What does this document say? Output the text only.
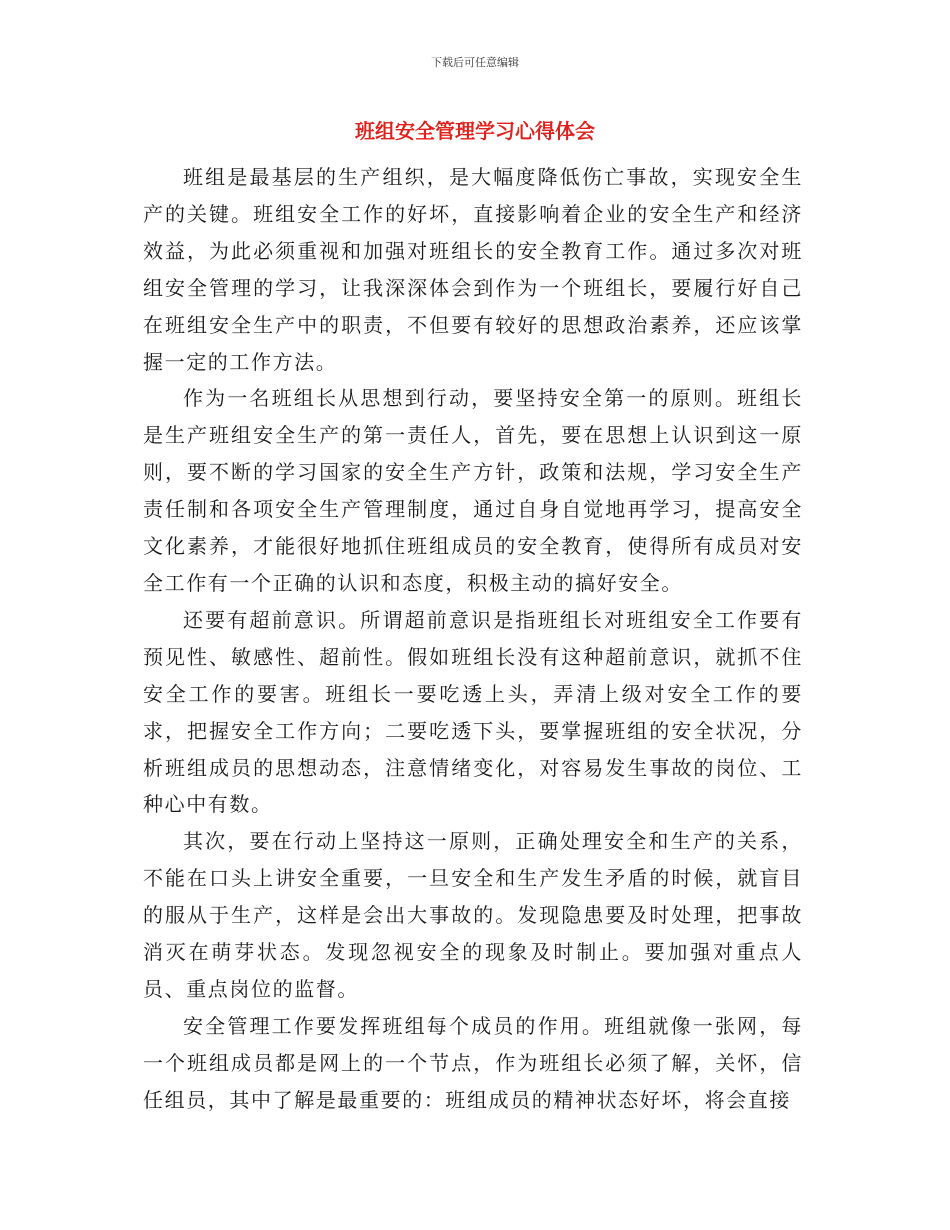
下载后可任意编辑
班组安全管理学习心得体会

班组是最基层的生产组织，是大幅度降低伤亡事故，实现安全生产的关键。班组安全工作的好坏，直接影响着企业的安全生产和经济效益，为此必须重视和加强对班组长的安全教育工作。通过多次对班组安全管理的学习，让我深深体会到作为一个班组长，要履行好自己在班组安全生产中的职责，不但要有较好的思想政治素养，还应该掌握一定的工作方法。

作为一名班组长从思想到行动，要坚持安全第一的原则。班组长是生产班组安全生产的第一责任人，首先，要在思想上认识到这一原则，要不断的学习国家的安全生产方针，政策和法规，学习安全生产责任制和各项安全生产管理制度，通过自身自觉地再学习，提高安全文化素养，才能很好地抓住班组成员的安全教育，使得所有成员对安全工作有一个正确的认识和态度，积极主动的搞好安全。

还要有超前意识。所谓超前意识是指班组长对班组安全工作要有预见性、敏感性、超前性。假如班组长没有这种超前意识，就抓不住安全工作的要害。班组长一要吃透上头，弄清上级对安全工作的要求，把握安全工作方向；二要吃透下头，要掌握班组的安全状况，分析班组成员的思想动态，注意情绪变化，对容易发生事故的岗位、工种心中有数。

其次，要在行动上坚持这一原则，正确处理安全和生产的关系，不能在口头上讲安全重要，一旦安全和生产发生矛盾的时候，就盲目的服从于生产，这样是会出大事故的。发现隐患要及时处理，把事故消灭在萌芽状态。发现忽视安全的现象及时制止。要加强对重点人员、重点岗位的监督。

安全管理工作要发挥班组每个成员的作用。班组就像一张网，每一个班组成员都是网上的一个节点，作为班组长必须了解，关怀，信任组员，其中了解是最重要的：班组成员的精神状态好坏，将会直接
